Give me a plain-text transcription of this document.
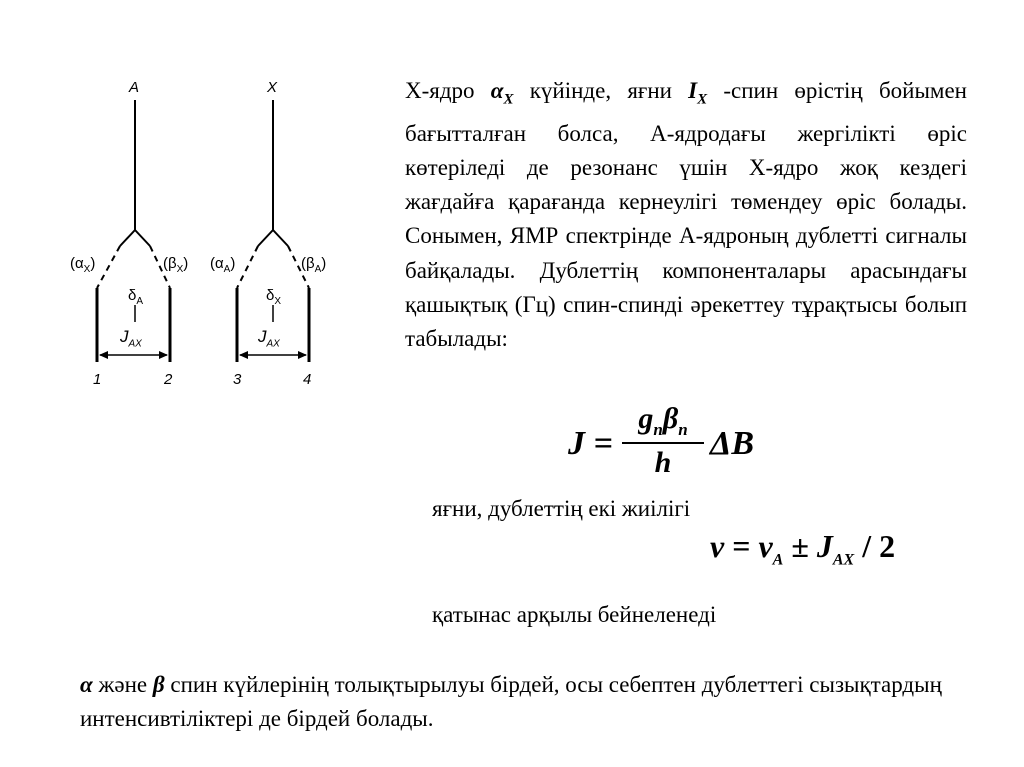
A	X
$(\alpha_X)$	$(\beta_X)$
$\delta_A$
$J_{AX}$
1	2
$(\alpha_A)$	$(\beta_A)$
$\delta_X$
$J_{AX}$
3	4
X-ядро $\alpha_X$ күйінде, яғни $I_X$ -спин өрістің бойымен бағытталған болса, А-ядродағы жергілікті өріс көтеріледі де резонанс үшін Х-ядро жоқ кездегі жағдайға қарағанда кернеулігі төмендеу өріс болады. Сонымен, ЯМР спектрінде А-ядроның дублетті сигналы байқалады. Дублеттің компоненталары арасындағы қашықтық (Гц) спин-спинді әрекеттеу тұрақтысы болып табылады:
J =
$g_n\beta_n$
h
ΔB
яғни, дублеттің екі жиілігі
$\nu = \nu_A \pm J_{AX} / 2$
қатынас арқылы бейнеленеді
α және β спин күйлерінің толықтырылуы бірдей, осы себептен дублеттегі сызықтардың интенсивтіліктері де бірдей болады.
